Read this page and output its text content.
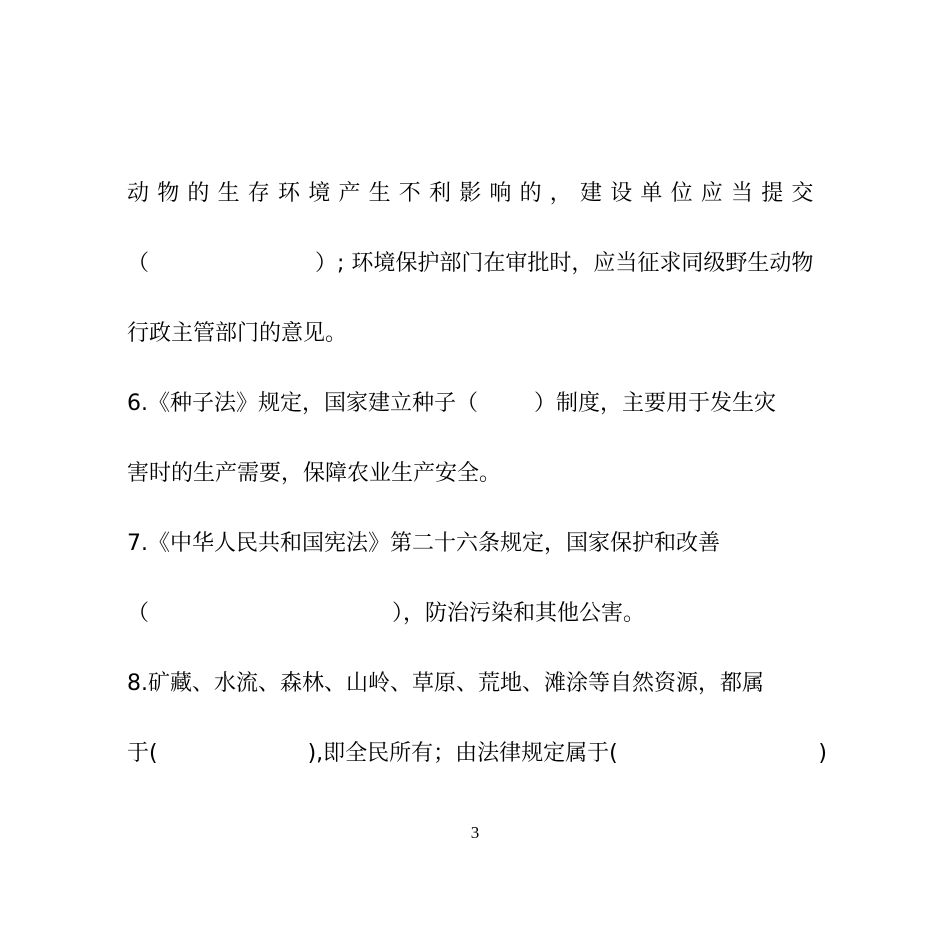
动物的生存环境产生不利影响的，建设单位应当提交
（	）; 环境保护部门在审批时，应当征求同级野生动物
行政主管部门的意见。
6.《种子法》规定，国家建立种子（	）制度，主要用于发生灾
害时的生产需要，保障农业生产安全。
7.《中华人民共和国宪法》第二十六条规定，国家保护和改善
（	），防治污染和其他公害。
8.矿藏、水流、森林、山岭、草原、荒地、滩涂等自然资源，都属
于(	),即全民所有；由法律规定属于(	)
3
